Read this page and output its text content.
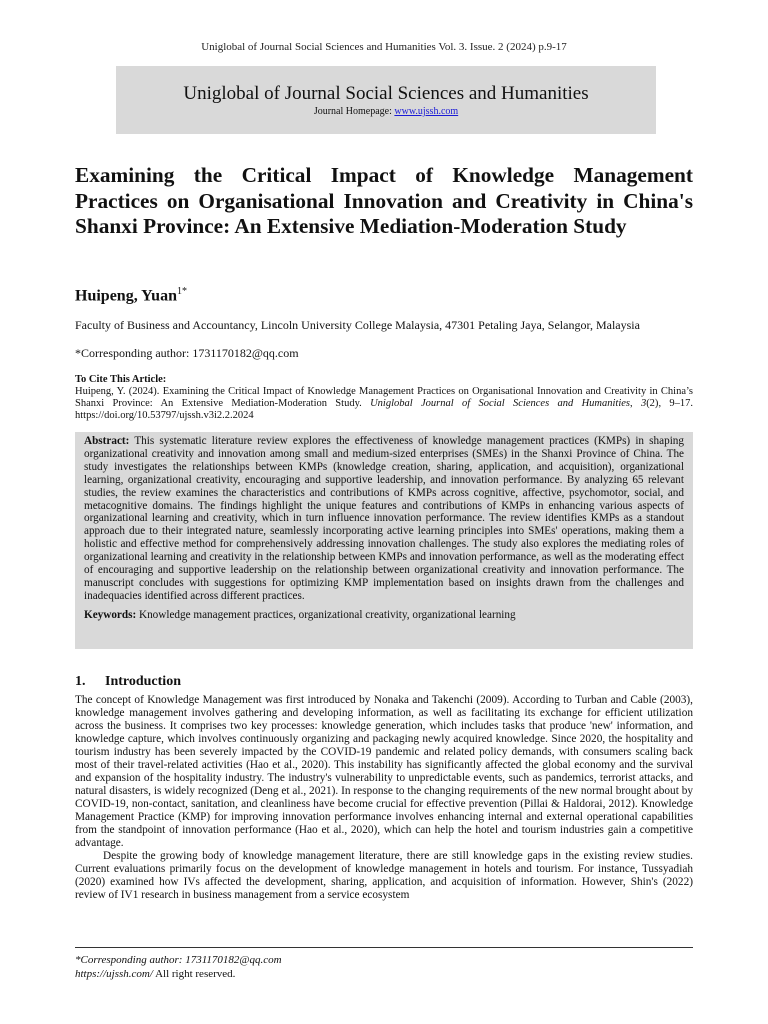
Uniglobal of Journal Social Sciences and Humanities Vol. 3. Issue. 2 (2024) p.9-17
Uniglobal of Journal Social Sciences and Humanities
Journal Homepage: www.ujssh.com
Examining the Critical Impact of Knowledge Management Practices on Organisational Innovation and Creativity in China's Shanxi Province: An Extensive Mediation-Moderation Study
Huipeng, Yuan$^{1*}$
Faculty of Business and Accountancy, Lincoln University College Malaysia, 47301 Petaling Jaya, Selangor, Malaysia
*Corresponding author: 1731170182@qq.com
To Cite This Article:
Huipeng, Y. (2024). Examining the Critical Impact of Knowledge Management Practices on Organisational Innovation and Creativity in China’s Shanxi Province: An Extensive Mediation-Moderation Study. Uniglobal Journal of Social Sciences and Humanities, 3(2), 9–17. https://doi.org/10.53797/ujssh.v3i2.2.2024
Abstract: This systematic literature review explores the effectiveness of knowledge management practices (KMPs) in shaping organizational creativity and innovation among small and medium-sized enterprises (SMEs) in the Shanxi Province of China. The study investigates the relationships between KMPs (knowledge creation, sharing, application, and acquisition), organizational learning, organizational creativity, encouraging and supportive leadership, and innovation performance. By analyzing 65 relevant studies, the review examines the characteristics and contributions of KMPs across cognitive, affective, psychomotor, social, and metacognitive domains. The findings highlight the unique features and contributions of KMPs in enhancing various aspects of organizational learning and creativity, which in turn influence innovation performance. The review identifies KMPs as a standout approach due to their integrated nature, seamlessly incorporating active learning principles into SMEs' operations, making them a holistic and effective method for comprehensively addressing innovation challenges. The study also explores the mediating roles of organizational learning and creativity in the relationship between KMPs and innovation performance, as well as the moderating effect of encouraging and supportive leadership on the relationship between organizational creativity and innovation performance. The manuscript concludes with suggestions for optimizing KMP implementation based on insights drawn from the challenges and inadequacies identified across different practices.
Keywords: Knowledge management practices, organizational creativity, organizational learning
1. Introduction

The concept of Knowledge Management was first introduced by Nonaka and Takenchi (2009). According to Turban and Cable (2003), knowledge management involves gathering and developing information, as well as facilitating its exchange for efficient utilization across the business. It comprises two key processes: knowledge generation, which includes tasks that produce 'new' information, and knowledge capture, which involves continuously organizing and packaging newly acquired knowledge. Since 2020, the hospitality and tourism industry has been severely impacted by the COVID-19 pandemic and related policy demands, with consumers scaling back most of their travel-related activities (Hao et al., 2020). This instability has significantly affected the global economy and the survival and expansion of the hospitality industry. The industry's vulnerability to unpredictable events, such as pandemics, terrorist attacks, and natural disasters, is widely recognized (Deng et al., 2021). In response to the changing requirements of the new normal brought about by COVID-19, non-contact, sanitation, and cleanliness have become crucial for effective prevention (Pillai & Haldorai, 2012). Knowledge Management Practice (KMP) for improving innovation performance involves enhancing internal and external operational capabilities from the standpoint of innovation performance (Hao et al., 2020), which can help the hotel and tourism industries gain a competitive advantage.

Despite the growing body of knowledge management literature, there are still knowledge gaps in the existing review studies. Current evaluations primarily focus on the development of knowledge management in hotels and tourism. For instance, Tussyadiah (2020) examined how IVs affected the development, sharing, application, and acquisition of information. However, Shin's (2022) review of IV1 research in business management from a service ecosystem

*Corresponding author: 1731170182@qq.com
https://ujssh.com/ All right reserved.
